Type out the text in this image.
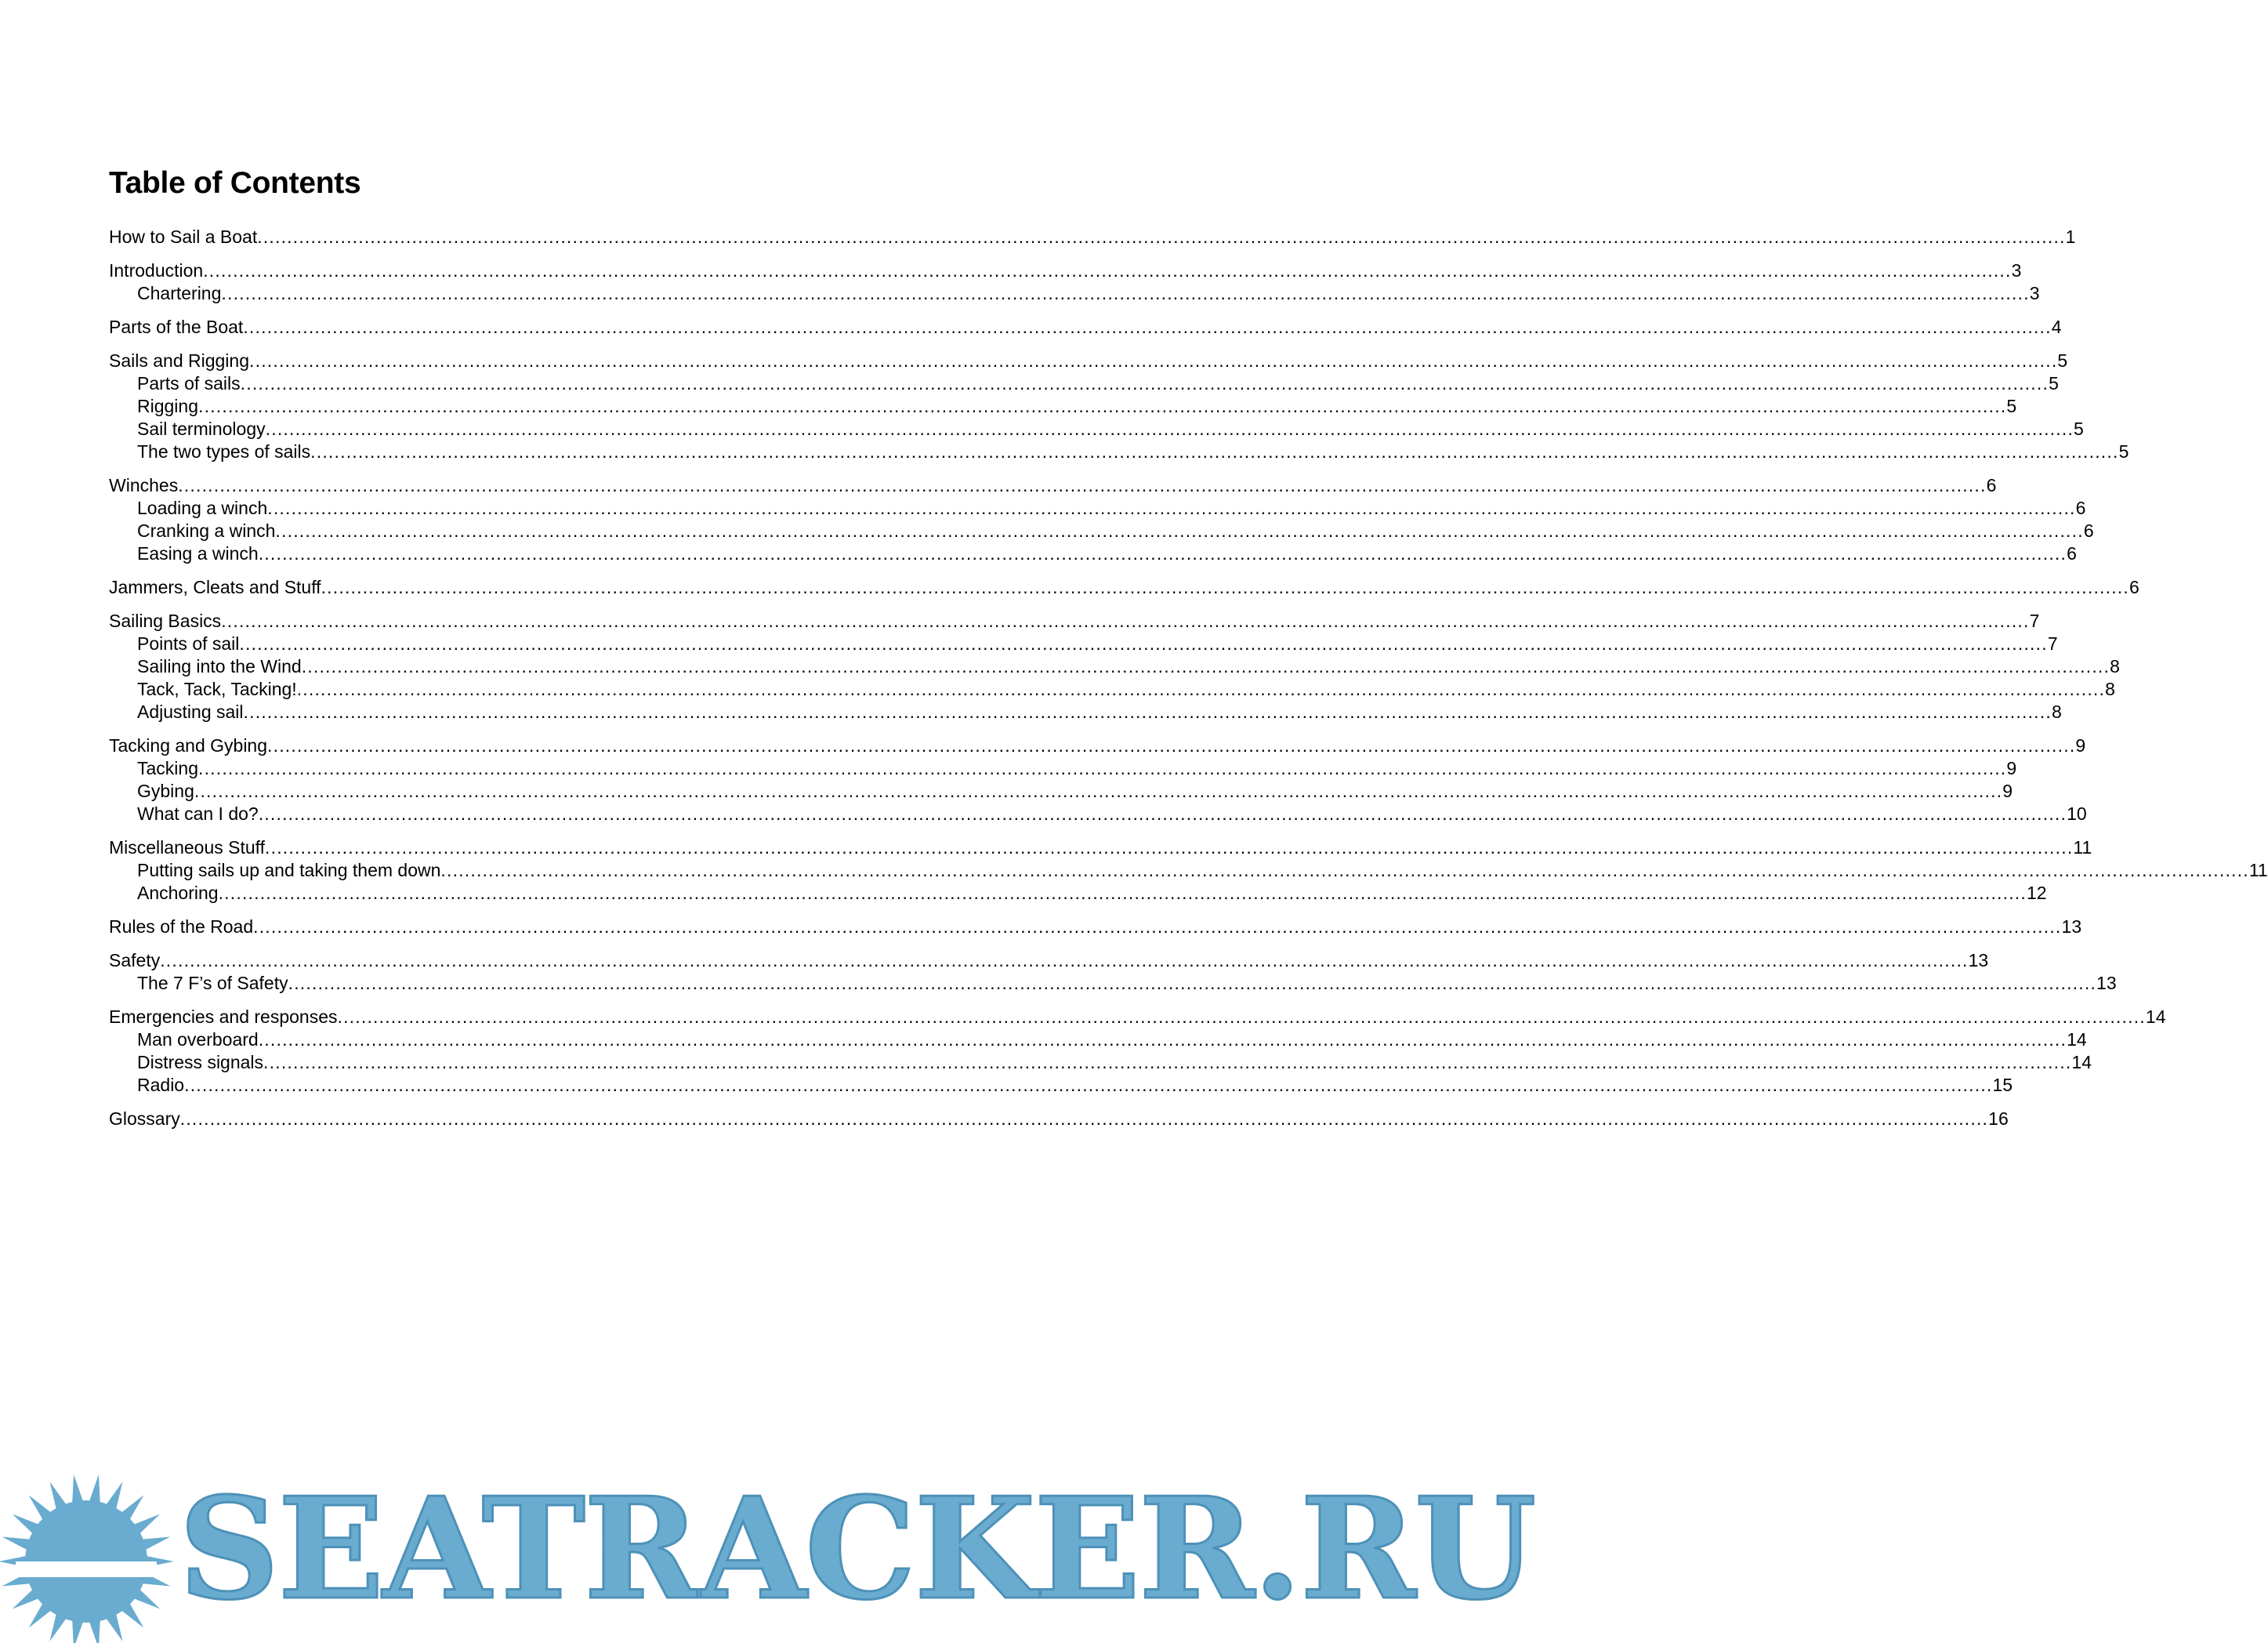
Table of Contents
How to Sail a Boat .....	1
Introduction .....	3
Chartering .....	3
Parts of the Boat .....	4
Sails and Rigging .....	5
Parts of sails .....	5
Rigging .....	5
Sail terminology .....	5
The two types of sails .....	5
Winches .....	6
Loading a winch .....	6
Cranking a winch .....	6
Easing a winch .....	6
Jammers, Cleats and Stuff .....	6
Sailing Basics .....	7
Points of sail .....	7
Sailing into the Wind .....	8
Tack, Tack, Tacking! .....	8
Adjusting sail .....	8
Tacking and Gybing .....	9
Tacking .....	9
Gybing .....	9
What can I do? .....	10
Miscellaneous Stuff .....	11
Putting sails up and taking them down .....	11
Anchoring .....	12
Rules of the Road .....	13
Safety .....	13
The 7 F’s of Safety .....	13
Emergencies and responses .....	14
Man overboard .....	14
Distress signals .....	14
Radio .....	15
Glossary .....	16
SEATRACKER.RU
